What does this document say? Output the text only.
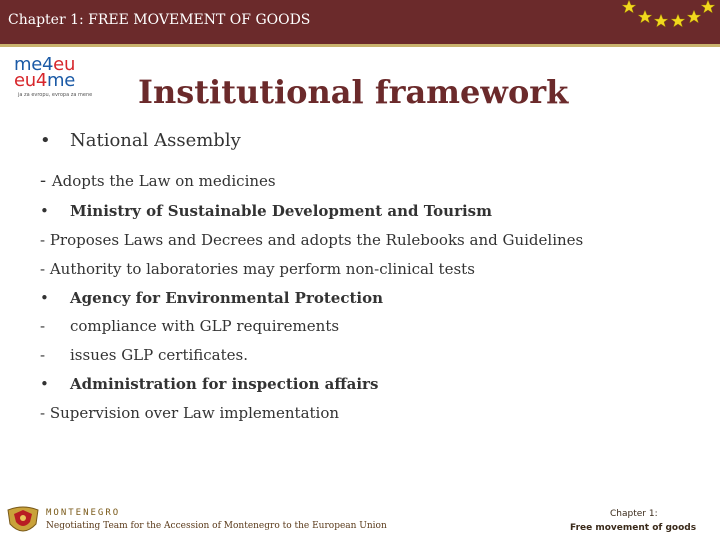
Chapter 1: FREE MOVEMENT OF GOODS
me4eu
eu4me
ja za evropu, evropa za mene Institutional framework
• National Assembly
- Adopts the Law on medicines
• Ministry of Sustainable Development and Tourism
- Proposes Laws and Decrees and adopts the Rulebooks and Guidelines
- Authority to laboratories may perform non-clinical tests
• Agency for Environmental Protection
- compliance with GLP requirements
- issues GLP certificates.
• Administration for inspection affairs
- Supervision over Law implementation
MONTENEGRO
Negotiating Team for the Accession of Montenegro to the European Union
Chapter 1:
Free movement of goods
